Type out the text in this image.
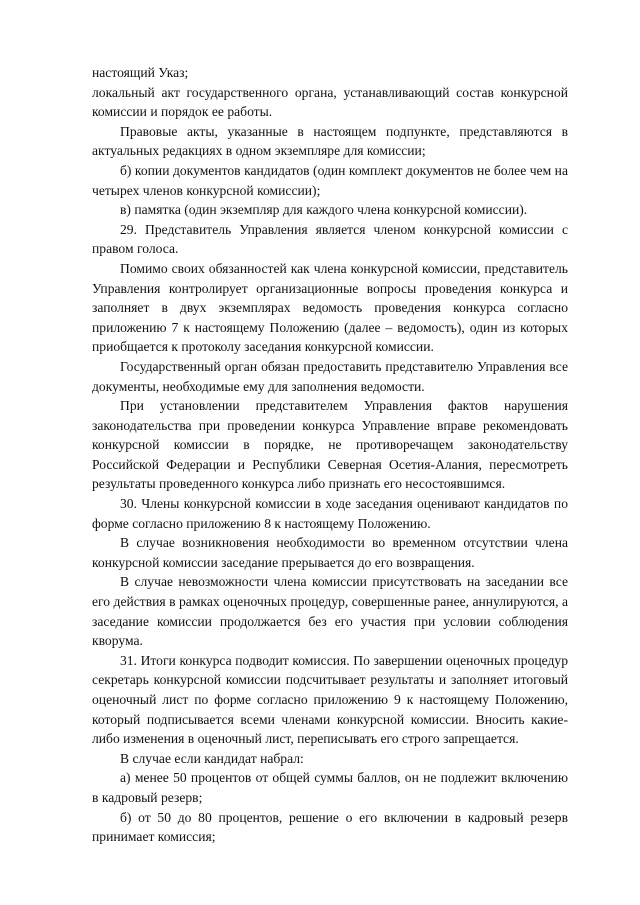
настоящий Указ;

локальный акт государственного органа, устанавливающий состав конкурсной комиссии и порядок ее работы.

Правовые акты, указанные в настоящем подпункте, представляются в актуальных редакциях в одном экземпляре для комиссии;

б) копии документов кандидатов (один комплект документов не более чем на четырех членов конкурсной комиссии);

в) памятка (один экземпляр для каждого члена конкурсной комиссии).

29. Представитель Управления является членом конкурсной комиссии с правом голоса.

Помимо своих обязанностей как члена конкурсной комиссии, представитель Управления контролирует организационные вопросы проведения конкурса и заполняет в двух экземплярах ведомость проведения конкурса согласно приложению 7 к настоящему Положению (далее – ведомость), один из которых приобщается к протоколу заседания конкурсной комиссии.

Государственный орган обязан предоставить представителю Управления все документы, необходимые ему для заполнения ведомости.

При установлении представителем Управления фактов нарушения законодательства при проведении конкурса Управление вправе рекомендовать конкурсной комиссии в порядке, не противоречащем законодательству Российской Федерации и Республики Северная Осетия-Алания, пересмотреть результаты проведенного конкурса либо признать его несостоявшимся.

30. Члены конкурсной комиссии в ходе заседания оценивают кандидатов по форме согласно приложению 8 к настоящему Положению.

В случае возникновения необходимости во временном отсутствии члена конкурсной комиссии заседание прерывается до его возвращения.

В случае невозможности члена комиссии присутствовать на заседании все его действия в рамках оценочных процедур, совершенные ранее, аннулируются, а заседание комиссии продолжается без его участия при условии соблюдения кворума.

31. Итоги конкурса подводит комиссия. По завершении оценочных процедур секретарь конкурсной комиссии подсчитывает результаты и заполняет итоговый оценочный лист по форме согласно приложению 9 к настоящему Положению, который подписывается всеми членами конкурсной комиссии. Вносить какие-либо изменения в оценочный лист, переписывать его строго запрещается.

В случае если кандидат набрал:

а) менее 50 процентов от общей суммы баллов, он не подлежит включению в кадровый резерв;

б) от 50 до 80 процентов, решение о его включении в кадровый резерв принимает комиссия;
